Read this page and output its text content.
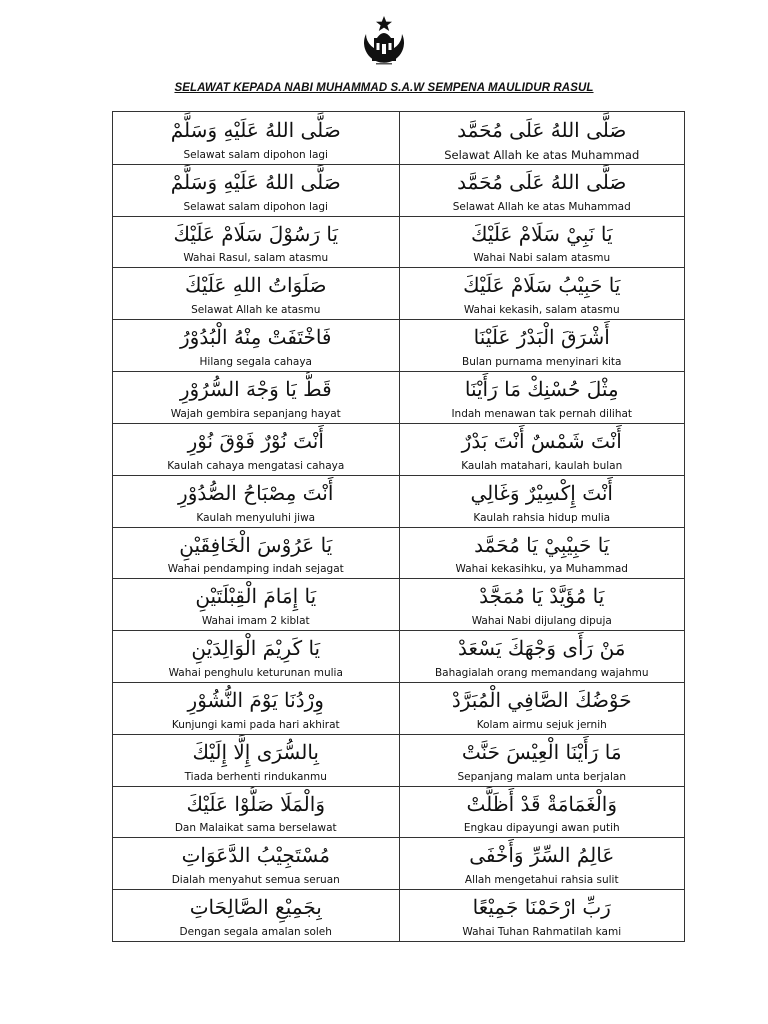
SELAWAT KEPADA NABI MUHAMMAD S.A.W SEMPENA MAULIDUR RASUL
صَلَّى اللهُ عَلَيْهِ وَسَلَّمْ
Selawat salam dipohon lagi
صَلَّى اللهُ عَلَى مُحَمَّد
Selawat Allah ke atas Muhammad
صَلَّى اللهُ عَلَيْهِ وَسَلَّمْ
Selawat salam dipohon lagi
صَلَّى اللهُ عَلَى مُحَمَّد
Selawat Allah ke atas Muhammad
يَا رَسُوْلَ سَلَامْ عَلَيْكَ
Wahai Rasul, salam atasmu
يَا نَبِيْ سَلَامْ عَلَيْكَ
Wahai Nabi salam atasmu
صَلَوَاتُ اللهِ عَلَيْكَ
Selawat Allah ke atasmu
يَا حَبِيْبُ سَلَامْ عَلَيْكَ
Wahai kekasih, salam atasmu
فَاخْتَفَتْ مِنْهُ الْبُدُوْرُ
Hilang segala cahaya
أَشْرَقَ الْبَدْرُ عَلَيْنَا
Bulan purnama menyinari kita
قَطُّ يَا وَجْهَ السُّرُوْرِ
Wajah gembira sepanjang hayat
مِثْلَ حُسْنِكْ مَا رَأَيْنَا
Indah menawan tak pernah dilihat
أَنْتَ نُوْرٌ فَوْقَ نُوْرِ
Kaulah cahaya mengatasi cahaya
أَنْتَ شَمْسٌ أَنْتَ بَدْرٌ
Kaulah matahari, kaulah bulan
أَنْتَ مِصْبَاحُ الصُّدُوْرِ
Kaulah menyuluhi jiwa
أَنْتَ إِكْسِيْرٌ وَغَالِي
Kaulah rahsia hidup mulia
يَا عَرُوْسَ الْخَافِقَيْنِ
Wahai pendamping indah sejagat
يَا حَبِيْبِيْ يَا مُحَمَّد
Wahai kekasihku, ya Muhammad
يَا إِمَامَ الْقِبْلَتَيْنِ
Wahai imam 2 kiblat
يَا مُؤَيَّدْ يَا مُمَجَّدْ
Wahai Nabi dijulang dipuja
يَا كَرِيْمَ الْوَالِدَيْنِ
Wahai penghulu keturunan mulia
مَنْ رَأَى وَجْهَكَ يَسْعَدْ
Bahagialah orang memandang wajahmu
وِرْدُنَا يَوْمَ النُّشُوْرِ
Kunjungi kami pada hari akhirat
حَوْضُكَ الصَّافِي الْمُبَرَّدْ
Kolam airmu sejuk jernih
بِالسُّرَى إِلَّا إِلَيْكَ
Tiada berhenti rindukanmu
مَا رَأَيْنَا الْعِيْسَ حَنَّتْ
Sepanjang malam unta berjalan
وَالْمَلَا صَلُّوْا عَلَيْكَ
Dan Malaikat sama berselawat
وَالْغَمَامَةْ قَدْ أَظَلَّتْ
Engkau dipayungi awan putih
مُسْتَجِيْبُ الدَّعَوَاتِ
Dialah menyahut semua seruan
عَالِمُ السِّرِّ وَأَخْفَى
Allah mengetahui rahsia sulit
بِجَمِيْعِ الصَّالِحَاتِ
Dengan segala amalan soleh
رَبِّ ارْحَمْنَا جَمِيْعًا
Wahai Tuhan Rahmatilah kami
